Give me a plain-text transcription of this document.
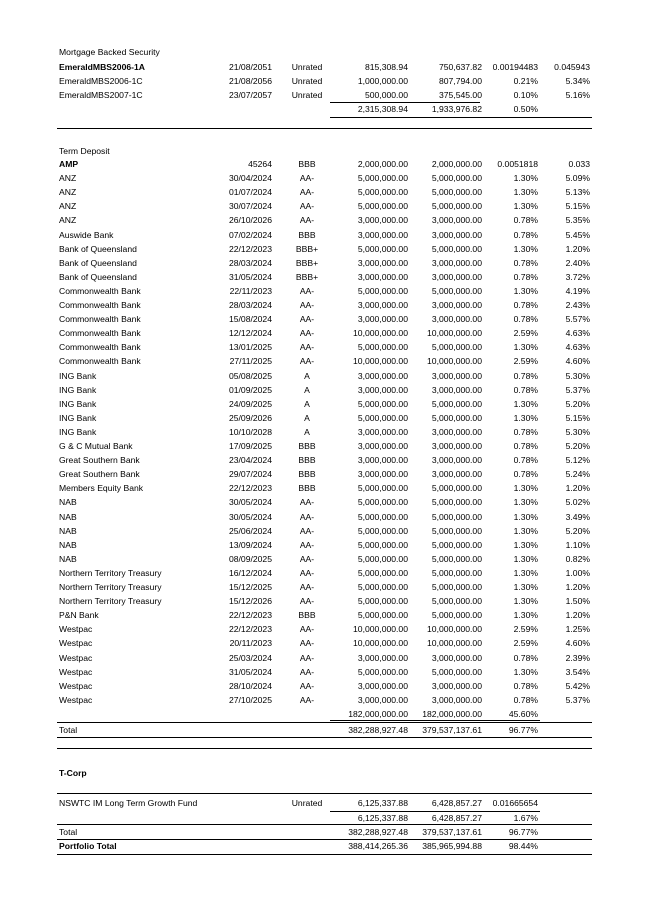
Mortgage Backed Security
EmeraldMBS2006-1A	21/08/2051	Unrated	815,308.94	750,637.82	0.00194483	0.045943
EmeraldMBS2006-1C	21/08/2056	Unrated	1,000,000.00	807,794.00	0.21%	5.34%
EmeraldMBS2007-1C	23/07/2057	Unrated	500,000.00	375,545.00	0.10%	5.16%
2,315,308.94	1,933,976.82	0.50%
Term Deposit
AMP	45264	BBB	2,000,000.00	2,000,000.00	0.0051818	0.033
ANZ	30/04/2024	AA-	5,000,000.00	5,000,000.00	1.30%	5.09%
ANZ	01/07/2024	AA-	5,000,000.00	5,000,000.00	1.30%	5.13%
ANZ	30/07/2024	AA-	5,000,000.00	5,000,000.00	1.30%	5.15%
ANZ	26/10/2026	AA-	3,000,000.00	3,000,000.00	0.78%	5.35%
Auswide Bank	07/02/2024	BBB	3,000,000.00	3,000,000.00	0.78%	5.45%
Bank of Queensland	22/12/2023	BBB+	5,000,000.00	5,000,000.00	1.30%	1.20%
Bank of Queensland	28/03/2024	BBB+	3,000,000.00	3,000,000.00	0.78%	2.40%
Bank of Queensland	31/05/2024	BBB+	3,000,000.00	3,000,000.00	0.78%	3.72%
Commonwealth Bank	22/11/2023	AA-	5,000,000.00	5,000,000.00	1.30%	4.19%
Commonwealth Bank	28/03/2024	AA-	3,000,000.00	3,000,000.00	0.78%	2.43%
Commonwealth Bank	15/08/2024	AA-	3,000,000.00	3,000,000.00	0.78%	5.57%
Commonwealth Bank	12/12/2024	AA-	10,000,000.00	10,000,000.00	2.59%	4.63%
Commonwealth Bank	13/01/2025	AA-	5,000,000.00	5,000,000.00	1.30%	4.63%
Commonwealth Bank	27/11/2025	AA-	10,000,000.00	10,000,000.00	2.59%	4.60%
ING Bank	05/08/2025	A	3,000,000.00	3,000,000.00	0.78%	5.30%
ING Bank	01/09/2025	A	3,000,000.00	3,000,000.00	0.78%	5.37%
ING Bank	24/09/2025	A	5,000,000.00	5,000,000.00	1.30%	5.20%
ING Bank	25/09/2026	A	5,000,000.00	5,000,000.00	1.30%	5.15%
ING Bank	10/10/2028	A	3,000,000.00	3,000,000.00	0.78%	5.30%
G & C Mutual Bank	17/09/2025	BBB	3,000,000.00	3,000,000.00	0.78%	5.20%
Great Southern Bank	23/04/2024	BBB	3,000,000.00	3,000,000.00	0.78%	5.12%
Great Southern Bank	29/07/2024	BBB	3,000,000.00	3,000,000.00	0.78%	5.24%
Members Equity Bank	22/12/2023	BBB	5,000,000.00	5,000,000.00	1.30%	1.20%
NAB	30/05/2024	AA-	5,000,000.00	5,000,000.00	1.30%	5.02%
NAB	30/05/2024	AA-	5,000,000.00	5,000,000.00	1.30%	3.49%
NAB	25/06/2024	AA-	5,000,000.00	5,000,000.00	1.30%	5.20%
NAB	13/09/2024	AA-	5,000,000.00	5,000,000.00	1.30%	1.10%
NAB	08/09/2025	AA-	5,000,000.00	5,000,000.00	1.30%	0.82%
Northern Territory Treasury	16/12/2024	AA-	5,000,000.00	5,000,000.00	1.30%	1.00%
Northern Territory Treasury	15/12/2025	AA-	5,000,000.00	5,000,000.00	1.30%	1.20%
Northern Territory Treasury	15/12/2026	AA-	5,000,000.00	5,000,000.00	1.30%	1.50%
P&N Bank	22/12/2023	BBB	5,000,000.00	5,000,000.00	1.30%	1.20%
Westpac	22/12/2023	AA-	10,000,000.00	10,000,000.00	2.59%	1.25%
Westpac	20/11/2023	AA-	10,000,000.00	10,000,000.00	2.59%	4.60%
Westpac	25/03/2024	AA-	3,000,000.00	3,000,000.00	0.78%	2.39%
Westpac	31/05/2024	AA-	5,000,000.00	5,000,000.00	1.30%	3.54%
Westpac	28/10/2024	AA-	3,000,000.00	3,000,000.00	0.78%	5.42%
Westpac	27/10/2025	AA-	3,000,000.00	3,000,000.00	0.78%	5.37%
182,000,000.00	182,000,000.00	45.60%
Total	382,288,927.48	379,537,137.61	96.77%
T-Corp
NSWTC IM Long Term Growth Fund	Unrated	6,125,337.88	6,428,857.27	0.01665654
6,125,337.88	6,428,857.27	1.67%
Total	382,288,927.48	379,537,137.61	96.77%
Portfolio Total	388,414,265.36	385,965,994.88	98.44%
